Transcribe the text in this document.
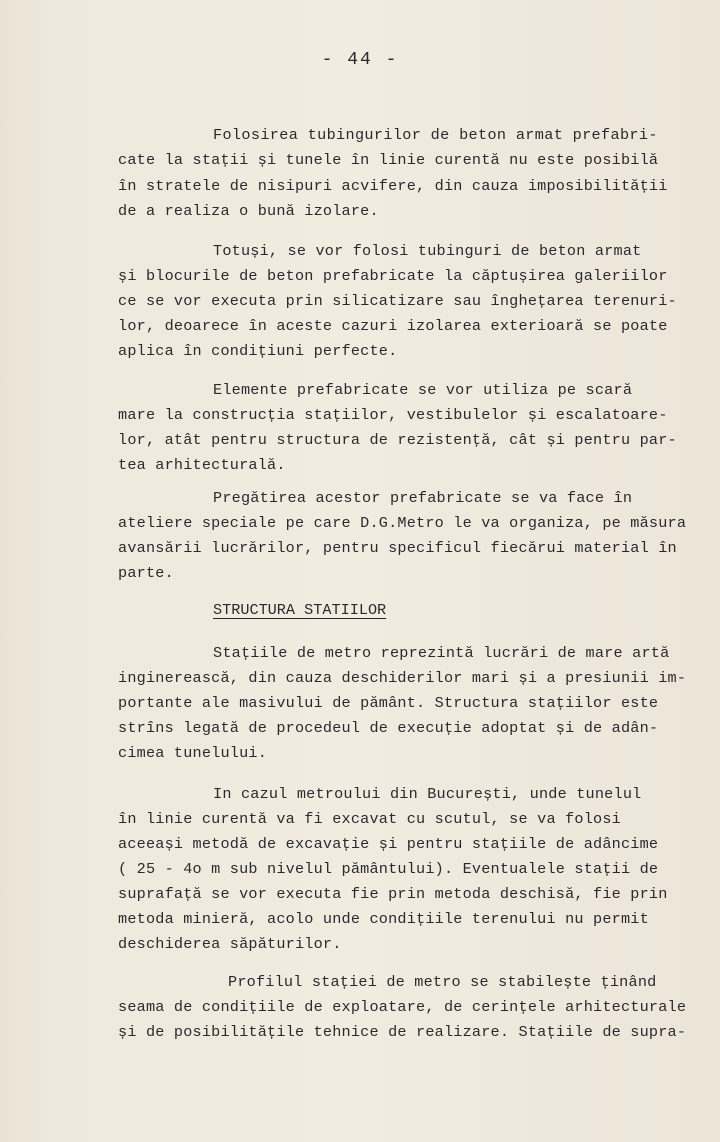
- 44 -
Folosirea tubingurilor de beton armat prefabri-
cate la stații și tunele în linie curentă nu este posibilă
în stratele de nisipuri acvifere, din cauza imposibilității
de a realiza o bună izolare.
Totuși, se vor folosi tubinguri de beton armat
și blocurile de beton prefabricate la căptușirea galeriilor
ce se vor executa prin silicatizare sau înghețarea terenuri-
lor, deoarece în aceste cazuri izolarea exterioară se poate
aplica în condițiuni perfecte.
Elemente prefabricate se vor utiliza pe scară
mare la construcția stațiilor, vestibulelor și escalatoare-
lor, atât pentru structura de rezistență, cât și pentru par-
tea arhitecturală.
Pregătirea acestor prefabricate se va face în
ateliere speciale pe care D.G.Metro le va organiza, pe măsura
avansării lucrărilor, pentru specificul fiecărui material în
parte.
STRUCTURA STATIILOR
Stațiile de metro reprezintă lucrări de mare artă
inginerească, din cauza deschiderilor mari și a presiunii im-
portante ale masivului de pământ. Structura stațiilor este
strîns legată de procedeul de execuție adoptat și de adân-
cimea tunelului.
In cazul metroului din București, unde tunelul
în linie curentă va fi excavat cu scutul, se va folosi
aceeași metodă de excavație și pentru stațiile de adâncime
( 25 - 4o m sub nivelul pământului). Eventualele stații de
suprafață se vor executa fie prin metoda deschisă, fie prin
metoda minieră, acolo unde condițiile terenului nu permit
deschiderea săpăturilor.
Profilul stației de metro se stabilește ținând
seama de condițiile de exploatare, de cerințele arhitecturale
și de posibilitățile tehnice de realizare. Stațiile de supra-
